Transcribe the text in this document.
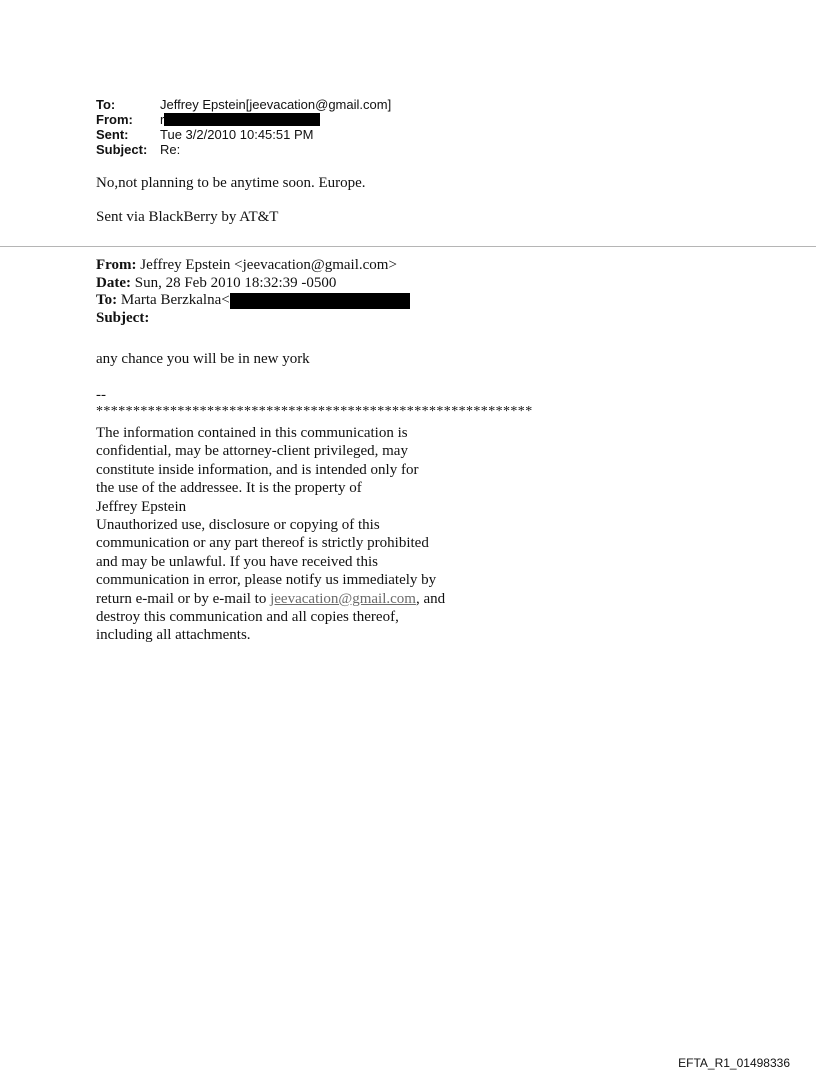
To:	Jeffrey Epstein[jeevacation@gmail.com]
From:	r
Sent:	Tue 3/2/2010 10:45:51 PM
Subject: Re:
No,not planning to be anytime soon. Europe.
Sent via BlackBerry by AT&T
From: Jeffrey Epstein <jeevacation@gmail.com>
Date: Sun, 28 Feb 2010 18:32:39 -0500
To: Marta Berzkalna<
Subject:
any chance you will be in new york
--
***********************************************************
The information contained in this communication is
confidential, may be attorney-client privileged, may
constitute inside information, and is intended only for
the use of the addressee. It is the property of
Jeffrey Epstein
Unauthorized use, disclosure or copying of this
communication or any part thereof is strictly prohibited
and may be unlawful. If you have received this
communication in error, please notify us immediately by
return e-mail or by e-mail to jeevacation@gmail.com, and
destroy this communication and all copies thereof,
including all attachments.
EFTA_R1_01498336
